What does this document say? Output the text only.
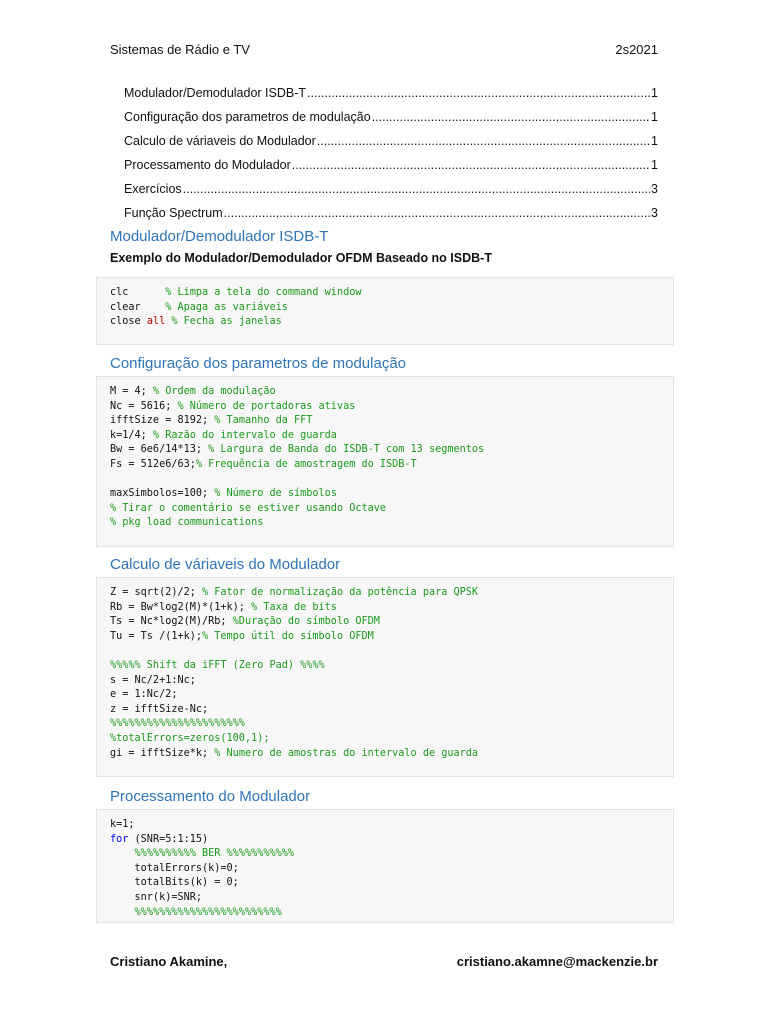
Sistemas de Rádio e TV	2s2021
Modulador/Demodulador ISDB-T .....	1
Configuração dos parametros de modulação .....	1
Calculo de váriaveis do Modulador .....	1
Processamento do Modulador .....	1
Exercícios .....	3
Função Spectrum .....	3
Modulador/Demodulador ISDB-T

Exemplo do Modulador/Demodulador OFDM Baseado no ISDB-T

clc      % Limpa a tela do command window
clear    % Apaga as variáveis
close all % Fecha as janelas
Configuração dos parametros de modulação
M = 4; % Ordem da modulação
Nc = 5616; % Número de portadoras ativas
ifftSize = 8192; % Tamanho da FFT
k=1/4; % Razão do intervalo de guarda
Bw = 6e6/14*13; % Largura de Banda do ISDB-T com 13 segmentos
Fs = 512e6/63;% Frequência de amostragem do ISDB-T
maxSimbolos=100; % Número de símbolos
% Tirar o comentário se estiver usando Octave
% pkg load communications
Calculo de váriaveis do Modulador
Z = sqrt(2)/2; % Fator de normalização da potência para QPSK
Rb = Bw*log2(M)*(1+k); % Taxa de bits
Ts = Nc*log2(M)/Rb; %Duração do símbolo OFDM
Tu = Ts /(1+k);% Tempo útil do símbolo OFDM
%%%%% Shift da iFFT (Zero Pad) %%%%
s = Nc/2+1:Nc;
e = 1:Nc/2;
z = ifftSize-Nc;
%%%%%%%%%%%%%%%%%%%%%%
%totalErrors=zeros(100,1);
gi = ifftSize*k; % Numero de amostras do intervalo de guarda
Processamento do Modulador
k=1;
for (SNR=5:1:15)
%%%%%%%%%% BER %%%%%%%%%%%
totalErrors(k)=0;
totalBits(k) = 0;
snr(k)=SNR;
%%%%%%%%%%%%%%%%%%%%%%%%
Cristiano Akamine,	cristiano.akamne@mackenzie.br
